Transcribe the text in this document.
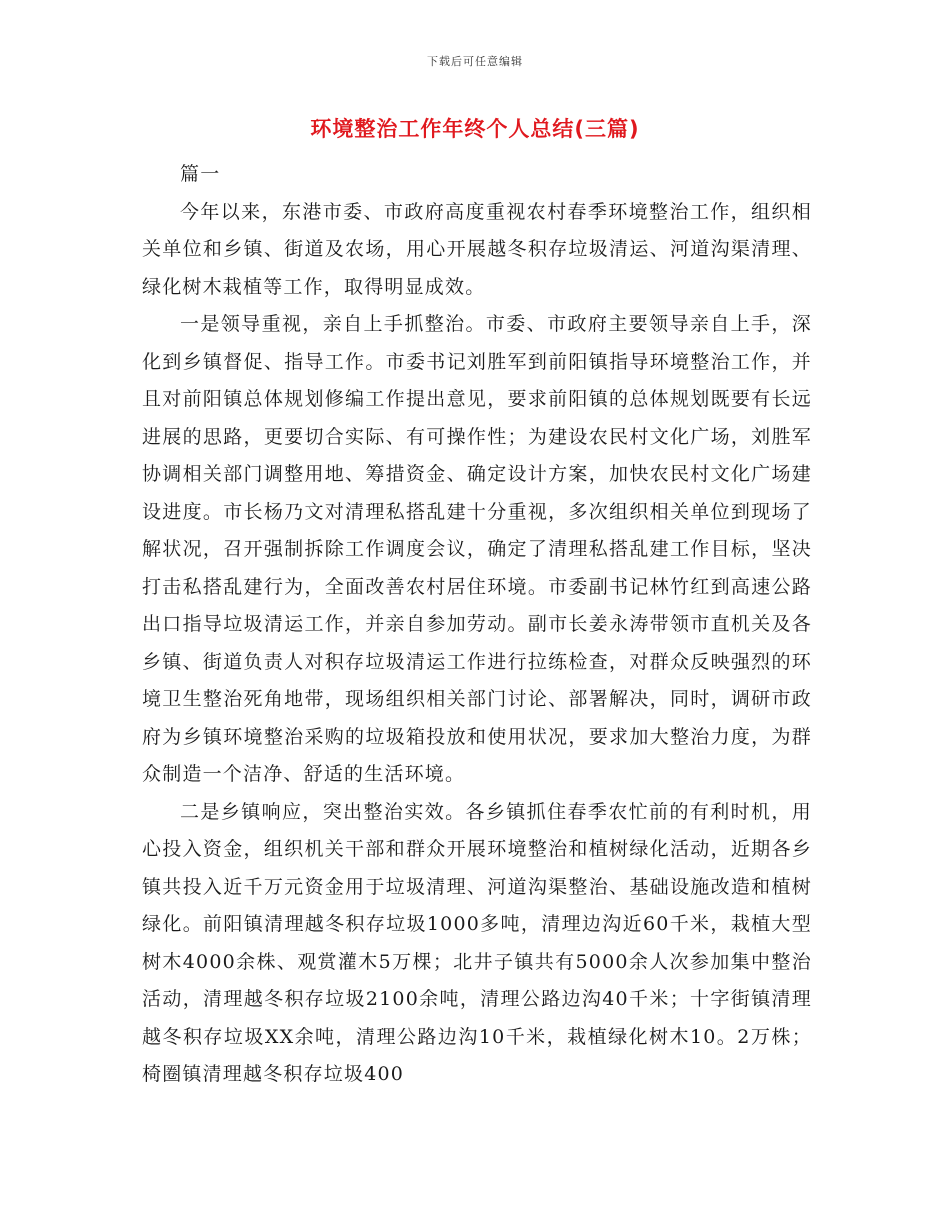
下载后可任意编辑
环境整治工作年终个人总结(三篇)

篇一

今年以来，东港市委、市政府高度重视农村春季环境整治工作，组织相关单位和乡镇、街道及农场，用心开展越冬积存垃圾清运、河道沟渠清理、绿化树木栽植等工作，取得明显成效。

一是领导重视，亲自上手抓整治。市委、市政府主要领导亲自上手，深化到乡镇督促、指导工作。市委书记刘胜军到前阳镇指导环境整治工作，并且对前阳镇总体规划修编工作提出意见，要求前阳镇的总体规划既要有长远进展的思路，更要切合实际、有可操作性；为建设农民村文化广场，刘胜军协调相关部门调整用地、筹措资金、确定设计方案，加快农民村文化广场建设进度。市长杨乃文对清理私搭乱建十分重视，多次组织相关单位到现场了解状况，召开强制拆除工作调度会议，确定了清理私搭乱建工作目标，坚决打击私搭乱建行为，全面改善农村居住环境。市委副书记林竹红到高速公路出口指导垃圾清运工作，并亲自参加劳动。副市长姜永涛带领市直机关及各乡镇、街道负责人对积存垃圾清运工作进行拉练检查，对群众反映强烈的环境卫生整治死角地带，现场组织相关部门讨论、部署解决，同时，调研市政府为乡镇环境整治采购的垃圾箱投放和使用状况，要求加大整治力度，为群众制造一个洁净、舒适的生活环境。

二是乡镇响应，突出整治实效。各乡镇抓住春季农忙前的有利时机，用心投入资金，组织机关干部和群众开展环境整治和植树绿化活动，近期各乡镇共投入近千万元资金用于垃圾清理、河道沟渠整治、基础设施改造和植树绿化。前阳镇清理越冬积存垃圾1000多吨，清理边沟近60千米，栽植大型树木4000余株、观赏灌木5万棵；北井子镇共有5000余人次参加集中整治活动，清理越冬积存垃圾2100余吨，清理公路边沟40千米；十字街镇清理越冬积存垃圾XX余吨，清理公路边沟10千米，栽植绿化树木10。2万株；椅圈镇清理越冬积存垃圾400
